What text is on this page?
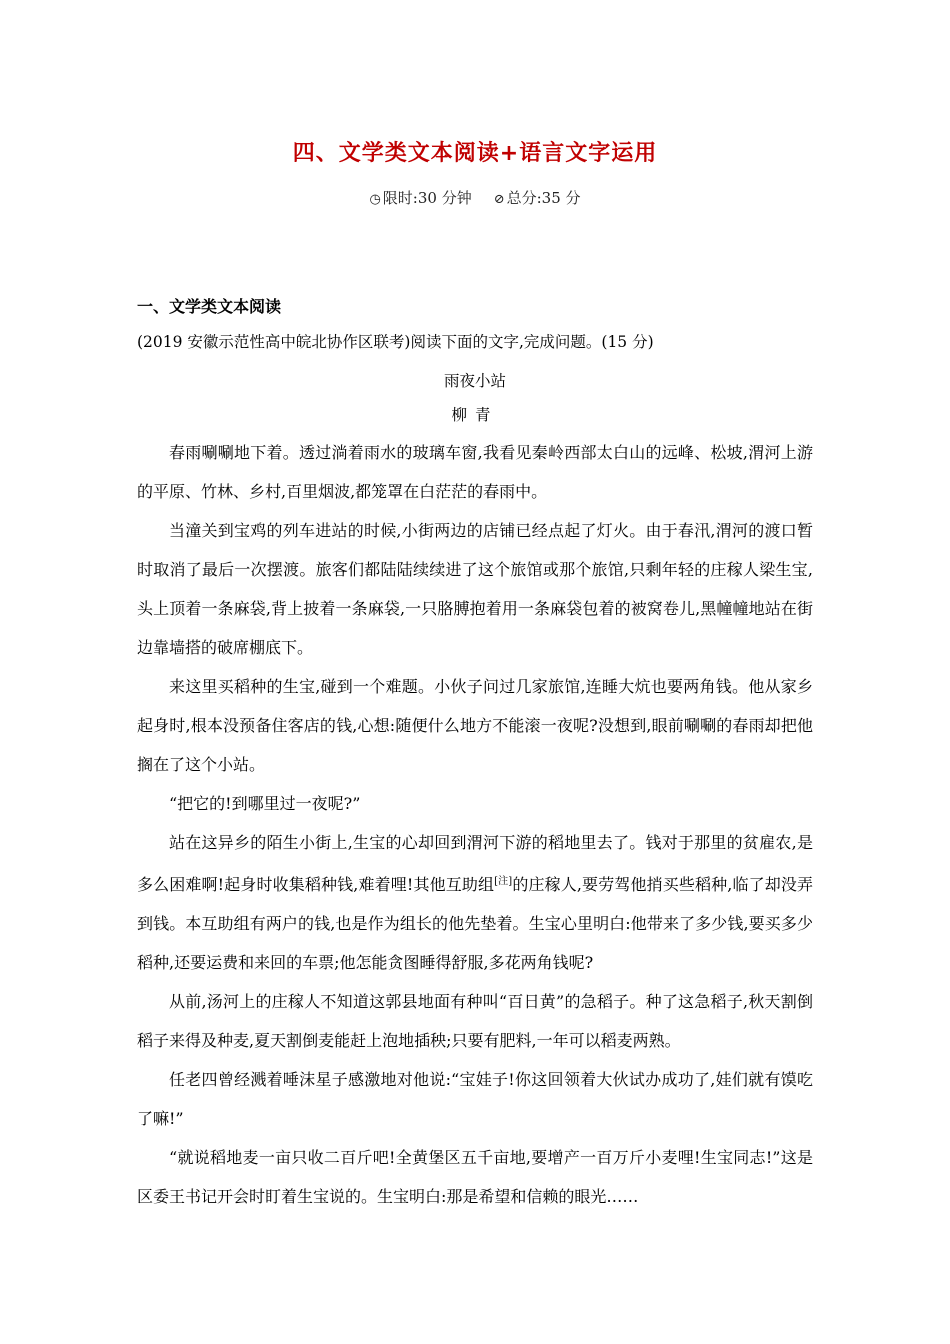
四、文学类文本阅读+语言文字运用
◷ 限时:30 分钟 ⊘ 总分:35 分
一、文学类文本阅读
(2019 安徽示范性高中皖北协作区联考)阅读下面的文字,完成问题。(15 分)
雨夜小站
柳青

春雨唰唰地下着。透过淌着雨水的玻璃车窗,我看见秦岭西部太白山的远峰、松坡,渭河上游的平原、竹林、乡村,百里烟波,都笼罩在白茫茫的春雨中。

当潼关到宝鸡的列车进站的时候,小街两边的店铺已经点起了灯火。由于春汛,渭河的渡口暂时取消了最后一次摆渡。旅客们都陆陆续续进了这个旅馆或那个旅馆,只剩年轻的庄稼人梁生宝,头上顶着一条麻袋,背上披着一条麻袋,一只胳膊抱着用一条麻袋包着的被窝卷儿,黑幢幢地站在街边靠墙搭的破席棚底下。

来这里买稻种的生宝,碰到一个难题。小伙子问过几家旅馆,连睡大炕也要两角钱。他从家乡起身时,根本没预备住客店的钱,心想:随便什么地方不能滚一夜呢?没想到,眼前唰唰的春雨却把他搁在了这个小站。

“把它的!到哪里过一夜呢?”

站在这异乡的陌生小街上,生宝的心却回到渭河下游的稻地里去了。钱对于那里的贫雇农,是多么困难啊!起身时收集稻种钱,难着哩!其他互助组[注]的庄稼人,要劳驾他捎买些稻种,临了却没弄到钱。本互助组有两户的钱,也是作为组长的他先垫着。生宝心里明白:他带来了多少钱,要买多少稻种,还要运费和来回的车票;他怎能贪图睡得舒服,多花两角钱呢?

从前,汤河上的庄稼人不知道这郭县地面有种叫“百日黄”的急稻子。种了这急稻子,秋天割倒稻子来得及种麦,夏天割倒麦能赶上泡地插秧;只要有肥料,一年可以稻麦两熟。

任老四曾经溅着唾沫星子感激地对他说:“宝娃子!你这回领着大伙试办成功了,娃们就有馍吃了嘛!”

“就说稻地麦一亩只收二百斤吧!全黄堡区五千亩地,要增产一百万斤小麦哩!生宝同志!”这是区委王书记开会时盯着生宝说的。生宝明白:那是希望和信赖的眼光……
